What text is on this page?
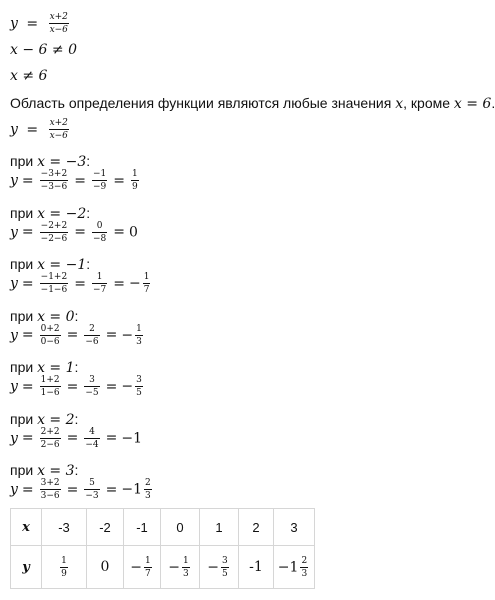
$y = \frac{x+2}{x-6}$
x − 6 ≠ 0
x ≠ 6
Область определения функции являются любые значения x, кроме x = 6.
$y = \frac{x+2}{x-6}$
при x = −3:
$y = \frac{-3+2}{-3-6} = \frac{-1}{-9} = \frac{1}{9}$
при x = −2:
$y = \frac{-2+2}{-2-6} = \frac{0}{-8} = 0$
при x = −1:
$y = \frac{-1+2}{-1-6} = \frac{1}{-7}$ = − $\frac{1}{7}$
при x = 0:
$y = \frac{0+2}{0-6} = \frac{2}{-6}$ = − $\frac{1}{3}$
при x = 1:
$y = \frac{1+2}{1-6} = \frac{3}{-5}$ = − $\frac{3}{5}$
при x = 2:
$y = \frac{2+2}{2-6} = \frac{4}{-4} = -1$
при x = 3:
$y = \frac{3+2}{3-6} = \frac{5}{-3} = -1 \frac{2}{3}$
x	-3	-2	-1	0	1	2	3
y	$\frac{1}{9}$	0	− $\frac{1}{7}$	− $\frac{1}{3}$	− $\frac{3}{5}$	-1	$-1 \frac{2}{3}$
